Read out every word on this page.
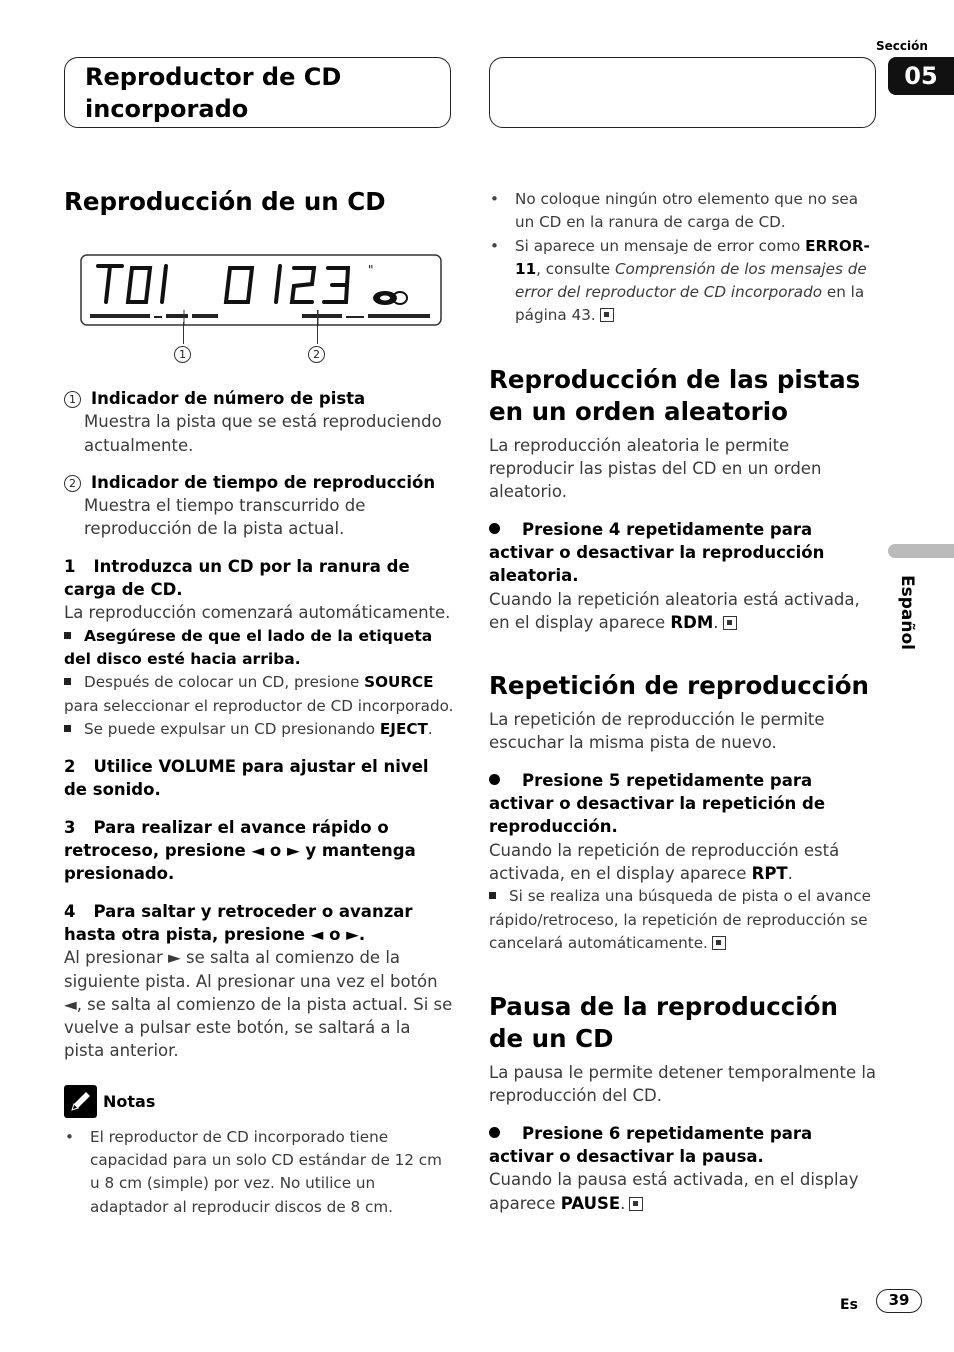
Reproductor de CD incorporado
Sección
05
Reproducción de un CD
"
1	2

1 Indicador de número de pista

Muestra la pista que se está reproduciendo actualmente.

2 Indicador de tiempo de reproducción

Muestra el tiempo transcurrido de reproducción de la pista actual.

1 Introduzca un CD por la ranura de carga de CD.

La reproducción comenzará automáticamente.

Asegúrese de que el lado de la etiqueta del disco esté hacia arriba.

Después de colocar un CD, presione SOURCE para seleccionar el reproductor de CD incorporado.

Se puede expulsar un CD presionando EJECT.

2 Utilice VOLUME para ajustar el nivel de sonido.

3 Para realizar el avance rápido o retroceso, presione ◄ o ► y mantenga presionado.

4 Para saltar y retroceder o avanzar hasta otra pista, presione ◄ o ►.

Al presionar ► se salta al comienzo de la siguiente pista. Al presionar una vez el botón ◄, se salta al comienzo de la pista actual. Si se vuelve a pulsar este botón, se saltará a la pista anterior.

Notas

• El reproductor de CD incorporado tiene capacidad para un solo CD estándar de 12 cm u 8 cm (simple) por vez. No utilice un adaptador al reproducir discos de 8 cm.

• No coloque ningún otro elemento que no sea un CD en la ranura de carga de CD.

• Si aparece un mensaje de error como ERROR-11, consulte Comprensión de los mensajes de error del reproductor de CD incorporado en la página 43.

Reproducción de las pistas en un orden aleatorio

La reproducción aleatoria le permite reproducir las pistas del CD en un orden aleatorio.

Presione 4 repetidamente para activar o desactivar la reproducción aleatoria.

Cuando la repetición aleatoria está activada, en el display aparece RDM.

Repetición de reproducción

La repetición de reproducción le permite escuchar la misma pista de nuevo.

Presione 5 repetidamente para activar o desactivar la repetición de reproducción.

Cuando la repetición de reproducción está activada, en el display aparece RPT.

Si se realiza una búsqueda de pista o el avance rápido/retroceso, la repetición de reproducción se cancelará automáticamente.

Pausa de la reproducción de un CD

La pausa le permite detener temporalmente la reproducción del CD.

Presione 6 repetidamente para activar o desactivar la pausa.

Cuando la pausa está activada, en el display aparece PAUSE.

Español
Es	39
